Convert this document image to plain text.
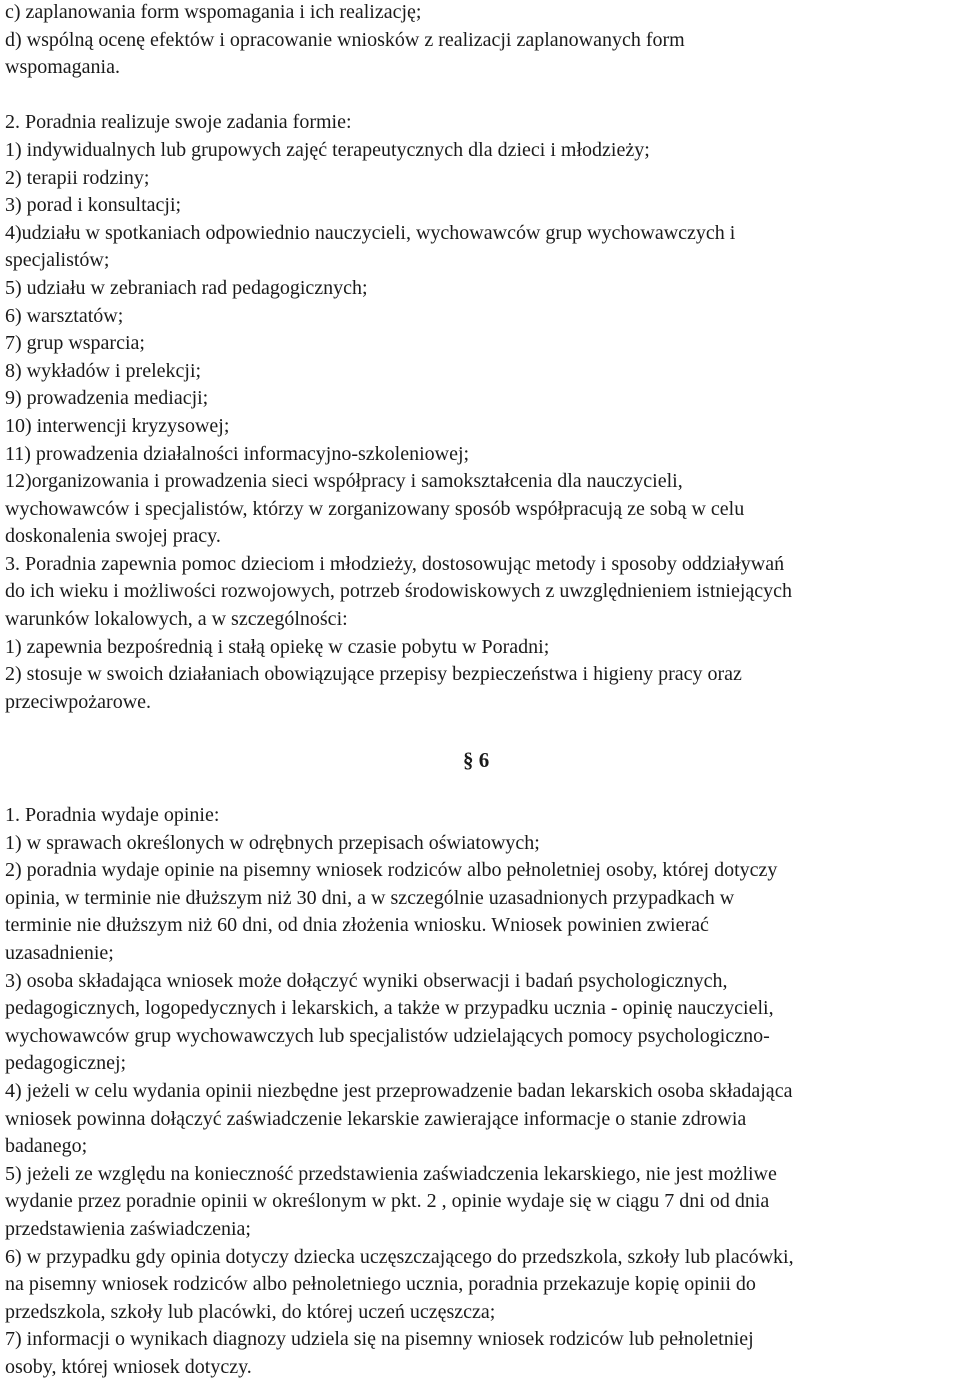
c) zaplanowania form wspomagania i ich realizację;
d) wspólną ocenę efektów i opracowanie wniosków z realizacji zaplanowanych form
wspomagania.
2. Poradnia realizuje swoje zadania formie:
1) indywidualnych lub grupowych zajęć terapeutycznych dla dzieci i młodzieży;
2) terapii rodziny;
3) porad i konsultacji;
4)udziału w spotkaniach odpowiednio nauczycieli, wychowawców grup wychowawczych i
specjalistów;
5) udziału w zebraniach rad pedagogicznych;
6) warsztatów;
7) grup wsparcia;
8) wykładów i prelekcji;
9) prowadzenia mediacji;
10) interwencji kryzysowej;
11) prowadzenia działalności informacyjno-szkoleniowej;
12)organizowania i prowadzenia sieci współpracy i samokształcenia dla nauczycieli,
wychowawców i specjalistów, którzy w zorganizowany sposób współpracują ze sobą w celu
doskonalenia swojej pracy.
3. Poradnia zapewnia pomoc dzieciom i młodzieży, dostosowując metody i sposoby oddziaływań
do ich wieku i możliwości rozwojowych, potrzeb środowiskowych z uwzględnieniem istniejących
warunków lokalowych, a w szczególności:
1) zapewnia bezpośrednią i stałą opiekę w czasie pobytu w Poradni;
2) stosuje w swoich działaniach obowiązujące przepisy bezpieczeństwa i higieny pracy oraz
przeciwpożarowe.
§ 6
1. Poradnia wydaje opinie:
1) w sprawach określonych w odrębnych przepisach oświatowych;
2) poradnia wydaje opinie na pisemny wniosek rodziców albo pełnoletniej osoby, której dotyczy
opinia, w terminie nie dłuższym niż 30 dni, a w szczególnie uzasadnionych przypadkach w
terminie nie dłuższym niż 60 dni, od dnia złożenia wniosku. Wniosek powinien zwierać
uzasadnienie;
3) osoba składająca wniosek może dołączyć wyniki obserwacji i badań psychologicznych,
pedagogicznych, logopedycznych i lekarskich, a także w przypadku ucznia - opinię nauczycieli,
wychowawców grup wychowawczych lub specjalistów udzielających pomocy psychologiczno-
pedagogicznej;
4) jeżeli w celu wydania opinii niezbędne jest przeprowadzenie badan lekarskich osoba składająca
wniosek powinna dołączyć zaświadczenie lekarskie zawierające informacje o stanie zdrowia
badanego;
5) jeżeli ze względu na konieczność przedstawienia zaświadczenia lekarskiego, nie jest możliwe
wydanie przez poradnie opinii w określonym w pkt. 2 , opinie wydaje się w ciągu 7 dni od dnia
przedstawienia zaświadczenia;
6) w przypadku gdy opinia dotyczy dziecka uczęszczającego do przedszkola, szkoły lub placówki,
na pisemny wniosek rodziców albo pełnoletniego ucznia, poradnia przekazuje kopię opinii do
przedszkola, szkoły lub placówki, do której uczeń uczęszcza;
7) informacji o wynikach diagnozy udziela się na pisemny wniosek rodziców lub pełnoletniej
osoby, której wniosek dotyczy.
